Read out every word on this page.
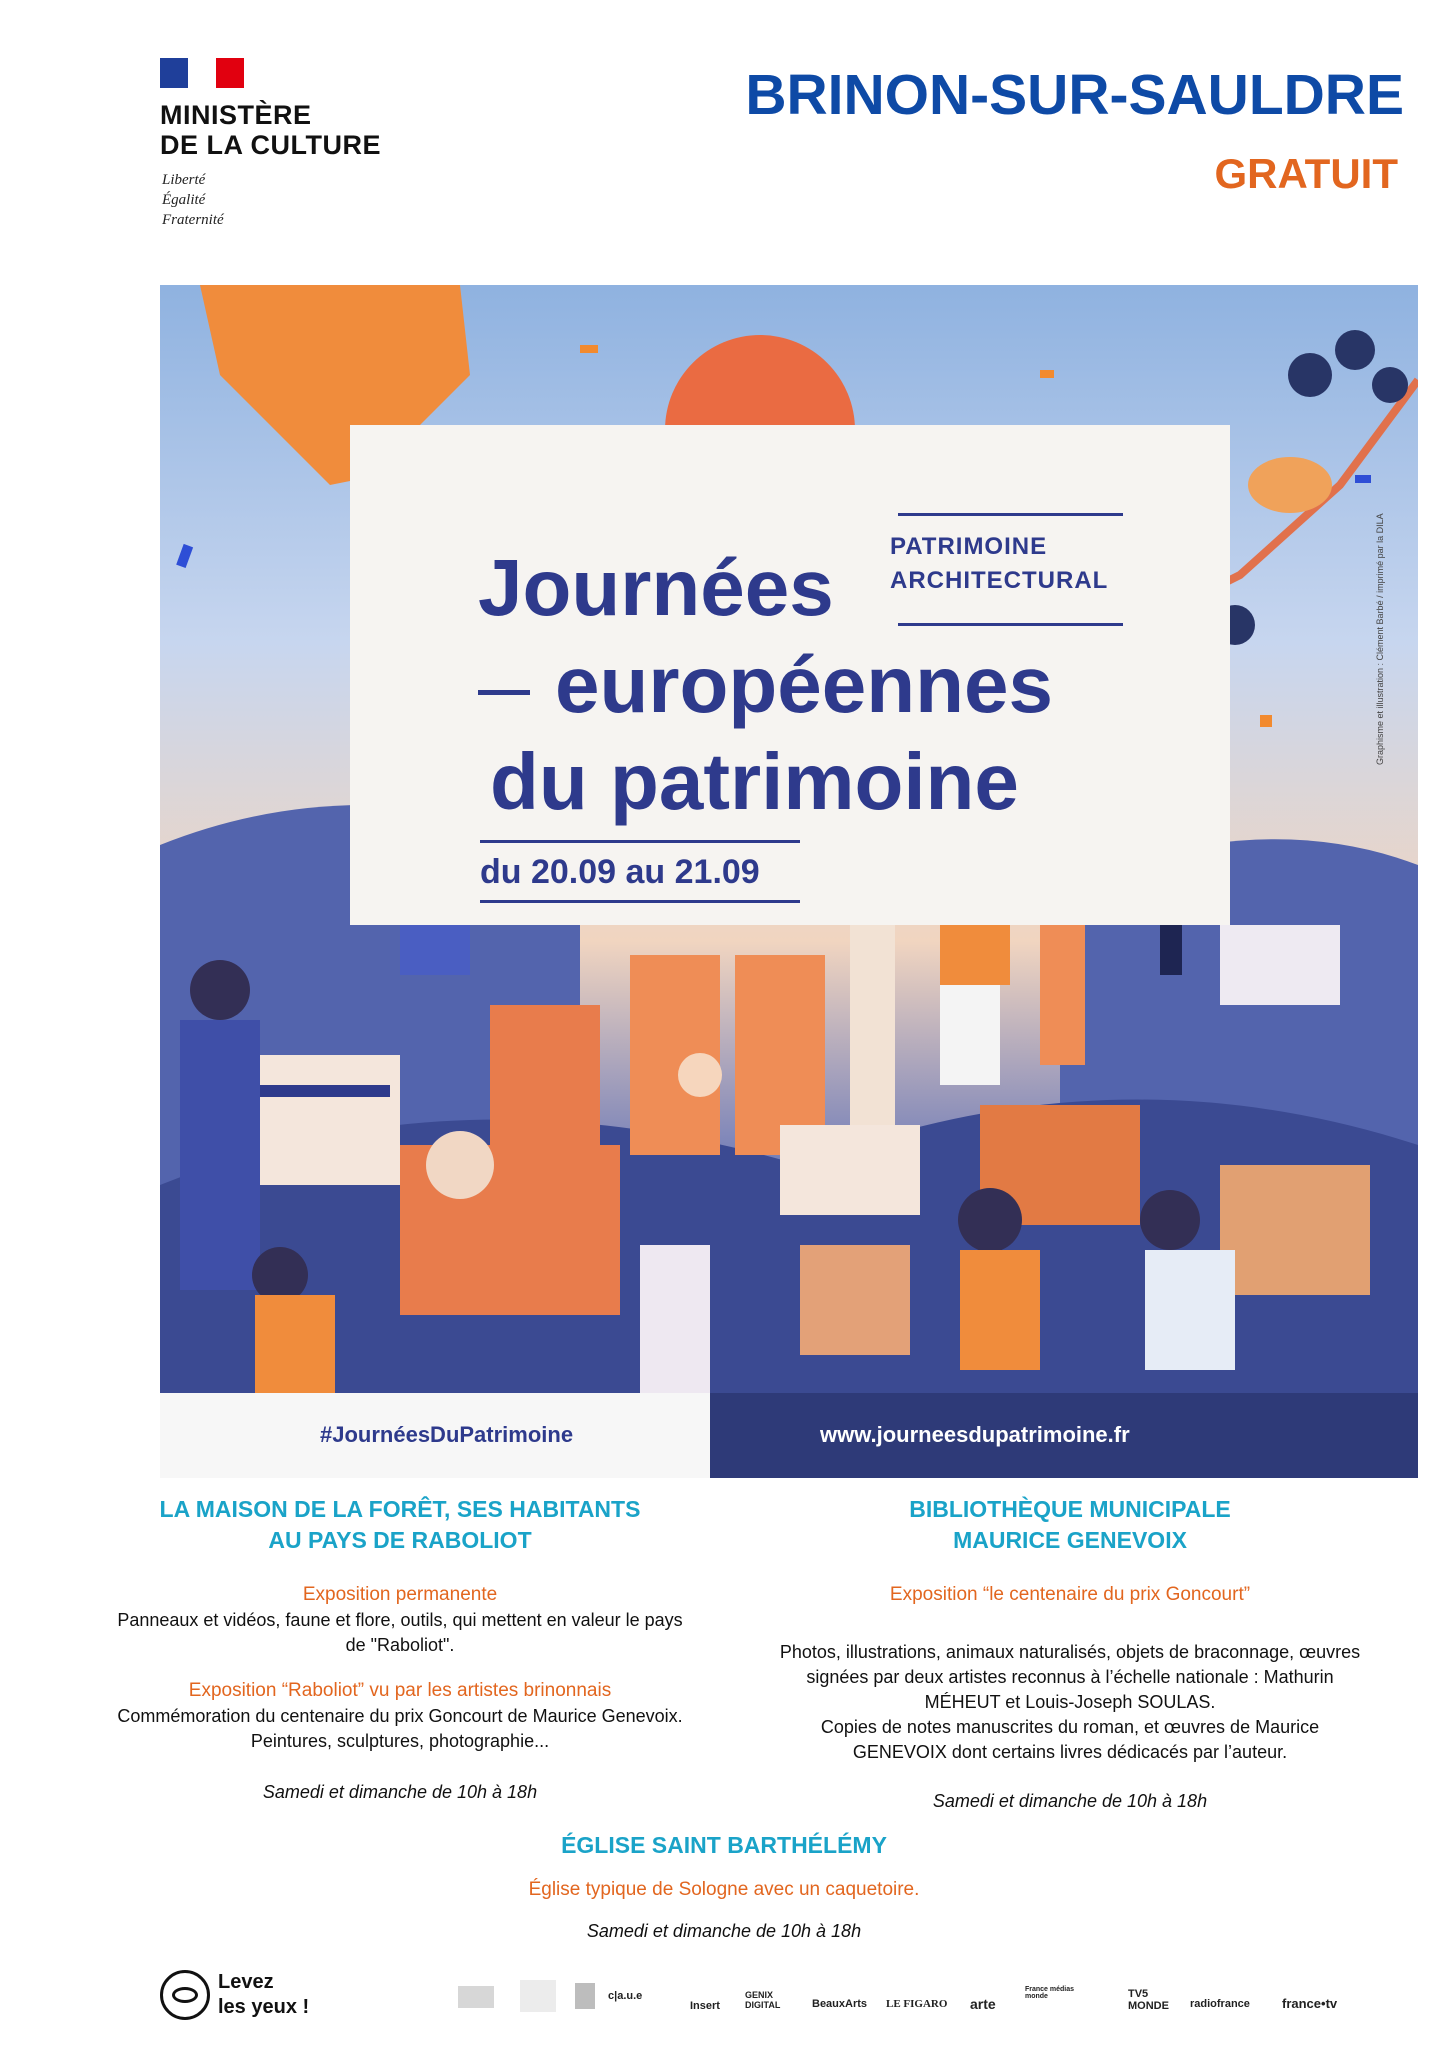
MINISTÈRE
DE LA CULTURE
Liberté
Égalité
Fraternité
BRINON-SUR-SAULDRE
GRATUIT
PATRIMOINE
ARCHITECTURAL
Journées
européennes
du patrimoine
du 20.09 au 21.09
Graphisme et illustration : Clément Barbé / imprimé par la DILA
#JournéesDuPatrimoine	www.journeesdupatrimoine.fr
LA MAISON DE LA FORÊT, SES HABITANTS
AU PAYS DE RABOLIOT
Exposition permanente
Panneaux et vidéos, faune et flore, outils, qui mettent en valeur le pays
de "Raboliot".
Exposition “Raboliot” vu par les artistes brinonnais
Commémoration du centenaire du prix Goncourt de Maurice Genevoix.
Peintures, sculptures, photographie...
Samedi et dimanche de 10h à 18h
BIBLIOTHÈQUE MUNICIPALE
MAURICE GENEVOIX
Exposition “le centenaire du prix Goncourt”
Photos, illustrations, animaux naturalisés, objets de braconnage, œuvres
signées par deux artistes reconnus à l’échelle nationale : Mathurin
MÉHEUT et Louis-Joseph SOULAS.
Copies de notes manuscrites du roman, et œuvres de Maurice
GENEVOIX dont certains livres dédicacés par l’auteur.
Samedi et dimanche de 10h à 18h
ÉGLISE SAINT BARTHÉLÉMY
Église typique de Sologne avec un caquetoire.
Samedi et dimanche de 10h à 18h
Levez
les yeux !	c|a.u.e
Insert
GENIX DIGITAL	BeauxArts LE FIGARO arte
France médias monde	TV5 MONDE	radiofrance france•tv
